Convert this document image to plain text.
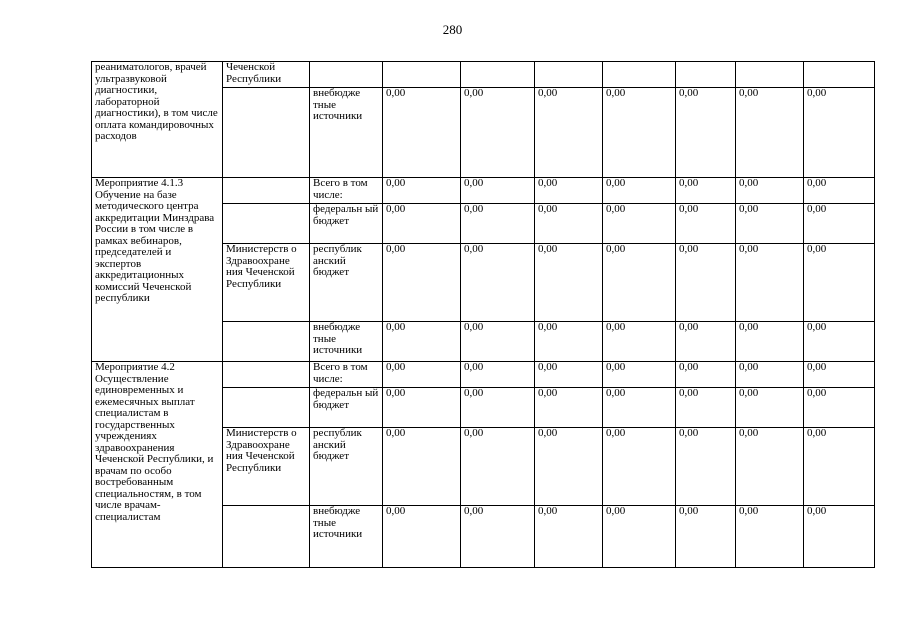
280
реаниматологов, врачей ультразвуковой диагностики, лабораторной диагностики), в том числе оплата командировочных расходов	Чеченской Республики								
		внебюдже тные источники	0,00	0,00	0,00	0,00	0,00	0,00	0,00
Мероприятие 4.1.3 Обучение на базе методического центра аккредитации Минздрава России в том числе в рамках вебинаров, председателей и экспертов аккредитационных комиссий Чеченской республики		Всего в том числе:	0,00	0,00	0,00	0,00	0,00	0,00	0,00
		федеральн ый бюджет	0,00	0,00	0,00	0,00	0,00	0,00	0,00
	Министерств о Здравоохране ния Чеченской Республики	республик анский бюджет	0,00	0,00	0,00	0,00	0,00	0,00	0,00
		внебюдже тные источники	0,00	0,00	0,00	0,00	0,00	0,00	0,00
Мероприятие 4.2 Осуществление единовременных и ежемесячных выплат специалистам в государственных учреждениях здравоохранения Чеченской Республики, и врачам по особо востребованным специальностям, в том числе врачам-специалистам		Всего в том числе:	0,00	0,00	0,00	0,00	0,00	0,00	0,00
		федеральн ый бюджет	0,00	0,00	0,00	0,00	0,00	0,00	0,00
	Министерств о Здравоохране ния Чеченской Республики	республик анский бюджет	0,00	0,00	0,00	0,00	0,00	0,00	0,00
		внебюдже тные источники	0,00	0,00	0,00	0,00	0,00	0,00	0,00
